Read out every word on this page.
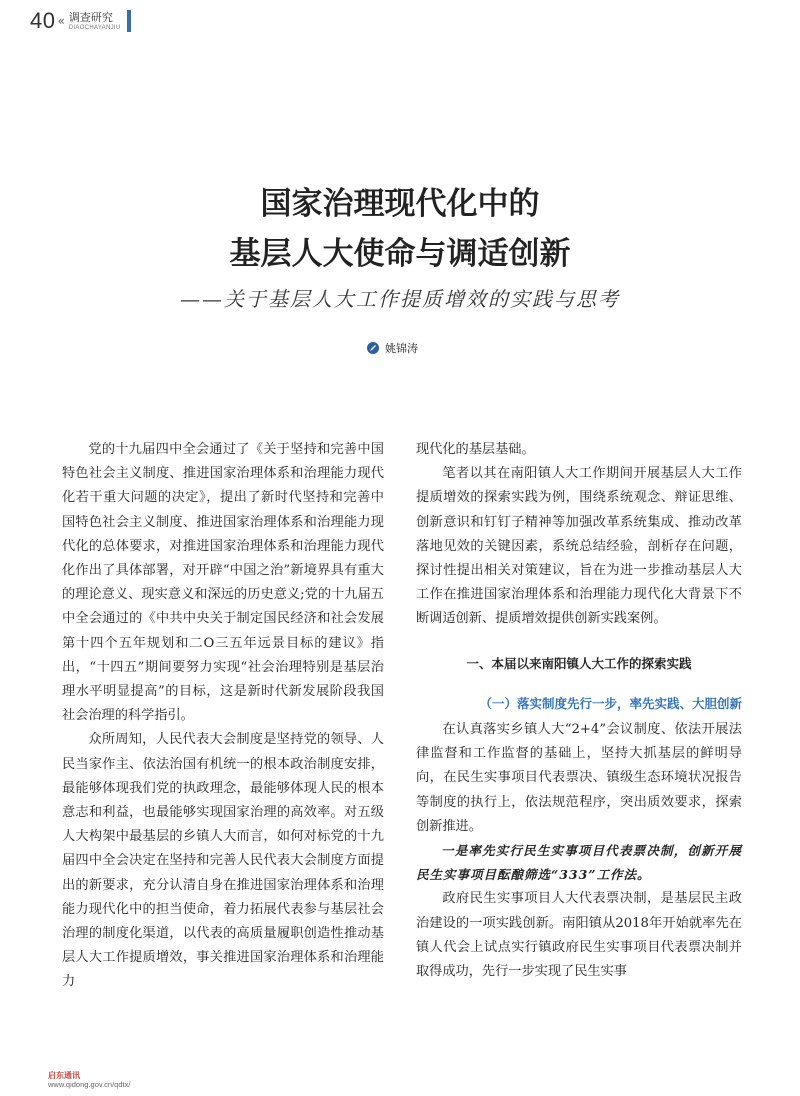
40 « 调查研究
DIAOCHAYANJIU
国家治理现代化中的
基层人大使命与调适创新
——关于基层人大工作提质增效的实践与思考
姚锦涛

党的十九届四中全会通过了《关于坚持和完善中国特色社会主义制度、推进国家治理体系和治理能力现代化若干重大问题的决定》，提出了新时代坚持和完善中国特色社会主义制度、推进国家治理体系和治理能力现代化的总体要求，对推进国家治理体系和治理能力现代化作出了具体部署，对开辟“中国之治”新境界具有重大的理论意义、现实意义和深远的历史意义;党的十九届五中全会通过的《中共中央关于制定国民经济和社会发展第十四个五年规划和二O三五年远景目标的建议》指出，“十四五”期间要努力实现“社会治理特别是基层治理水平明显提高”的目标，这是新时代新发展阶段我国社会治理的科学指引。

众所周知，人民代表大会制度是坚持党的领导、人民当家作主、依法治国有机统一的根本政治制度安排，最能够体现我们党的执政理念，最能够体现人民的根本意志和利益，也最能够实现国家治理的高效率。对五级人大构架中最基层的乡镇人大而言，如何对标党的十九届四中全会决定在坚持和完善人民代表大会制度方面提出的新要求，充分认清自身在推进国家治理体系和治理能力现代化中的担当使命，着力拓展代表参与基层社会治理的制度化渠道，以代表的高质量履职创造性推动基层人大工作提质增效，事关推进国家治理体系和治理能力

现代化的基层基础。

笔者以其在南阳镇人大工作期间开展基层人大工作提质增效的探索实践为例，围绕系统观念、辩证思维、创新意识和钉钉子精神等加强改革系统集成、推动改革落地见效的关键因素，系统总结经验，剖析存在问题，探讨性提出相关对策建议，旨在为进一步推动基层人大工作在推进国家治理体系和治理能力现代化大背景下不断调适创新、提质增效提供创新实践案例。

一、本届以来南阳镇人大工作的探索实践

（一）落实制度先行一步，率先实践、大胆创新

在认真落实乡镇人大“2+4”会议制度、依法开展法律监督和工作监督的基础上，坚持大抓基层的鲜明导向，在民生实事项目代表票决、镇级生态环境状况报告等制度的执行上，依法规范程序，突出质效要求，探索创新推进。

一是率先实行民生实事项目代表票决制，创新开展民生实事项目酝酿筛选“333”工作法。

政府民生实事项目人大代表票决制，是基层民主政治建设的一项实践创新。南阳镇从2018年开始就率先在镇人代会上试点实行镇政府民生实事项目代表票决制并取得成功，先行一步实现了民生实事

启东通讯
www.qidong.gov.cn/qdtx/
